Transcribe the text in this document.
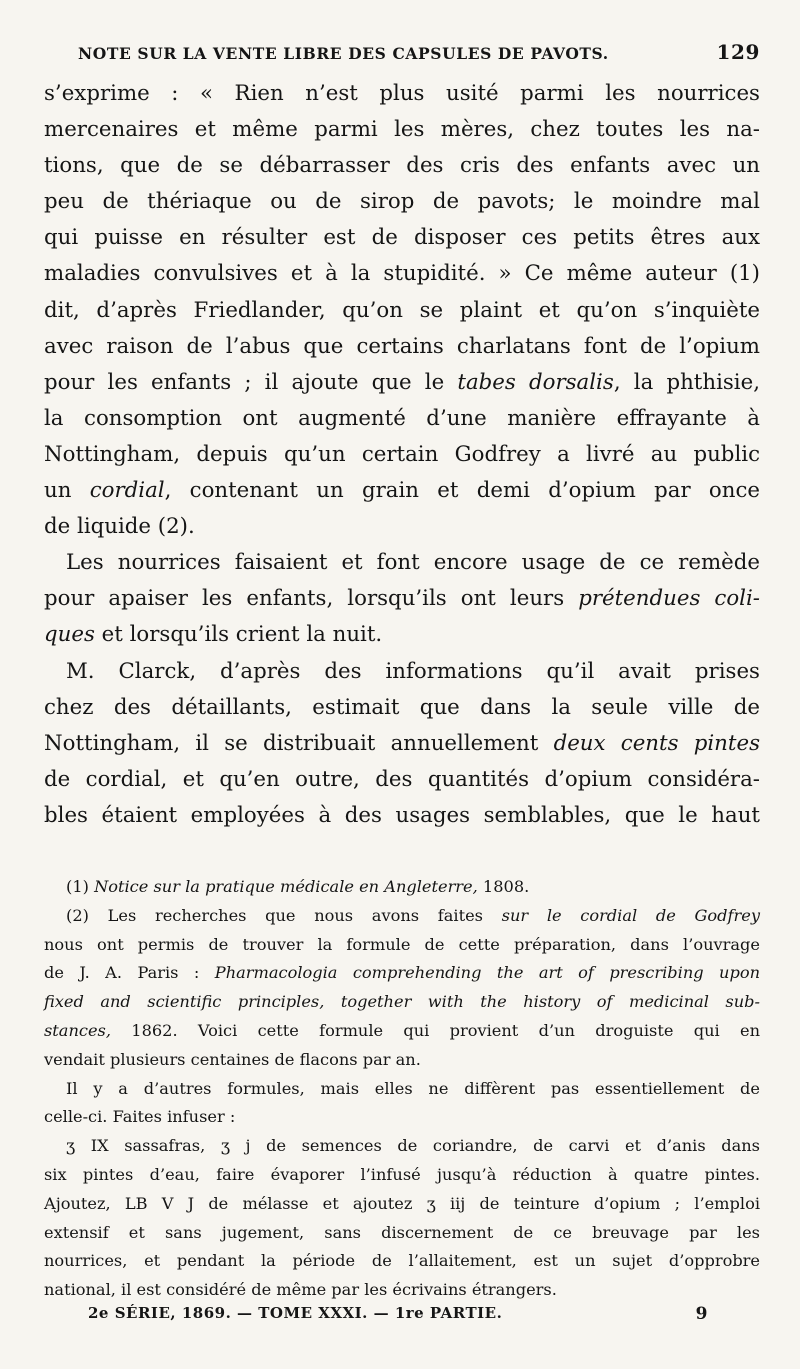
NOTE SUR LA VENTE LIBRE DES CAPSULES DE PAVOTS.	129

s’exprime : « Rien n’est plus usité parmi les nourrices
mercenaires et même parmi les mères, chez toutes les na-
tions, que de se débarrasser des cris des enfants avec un
peu de thériaque ou de sirop de pavots; le moindre mal
qui puisse en résulter est de disposer ces petits êtres aux
maladies convulsives et à la stupidité. » Ce même auteur (1)
dit, d’après Friedlander, qu’on se plaint et qu’on s’inquiète
avec raison de l’abus que certains charlatans font de l’opium
pour les enfants ; il ajoute que le tabes dorsalis, la phthisie,
la consomption ont augmenté d’une manière effrayante à
Nottingham, depuis qu’un certain Godfrey a livré au public
un cordial, contenant un grain et demi d’opium par once
de liquide (2).

Les nourrices faisaient et font encore usage de ce remède
pour apaiser les enfants, lorsqu’ils ont leurs prétendues coli-
ques et lorsqu’ils crient la nuit.

M. Clarck, d’après des informations qu’il avait prises
chez des détaillants, estimait que dans la seule ville de
Nottingham, il se distribuait annuellement deux cents pintes
de cordial, et qu’en outre, des quantités d’opium considéra-
bles étaient employées à des usages semblables, que le haut

(1) Notice sur la pratique médicale en Angleterre, 1808.
(2) Les recherches que nous avons faites sur le cordial de Godfrey
nous ont permis de trouver la formule de cette préparation, dans l’ouvrage
de J. A. Paris : Pharmacologia comprehending the art of prescribing upon
fixed and scientific principles, together with the history of medicinal sub-
stances, 1862. Voici cette formule qui provient d’un droguiste qui en
vendait plusieurs centaines de flacons par an.
Il y a d’autres formules, mais elles ne diffèrent pas essentiellement de
celle-ci. Faites infuser :
ʒ IX sassafras, ʒ j de semences de coriandre, de carvi et d’anis dans
six pintes d’eau, faire évaporer l’infusé jusqu’à réduction à quatre pintes.
Ajoutez, LB V J de mélasse et ajoutez ʒ iij de teinture d’opium ; l’emploi
extensif et sans jugement, sans discernement de ce breuvage par les
nourrices, et pendant la période de l’allaitement, est un sujet d’opprobre
national, il est considéré de même par les écrivains étrangers.
2e SÉRIE, 1869. — TOME XXXI. — 1re PARTIE.	9
